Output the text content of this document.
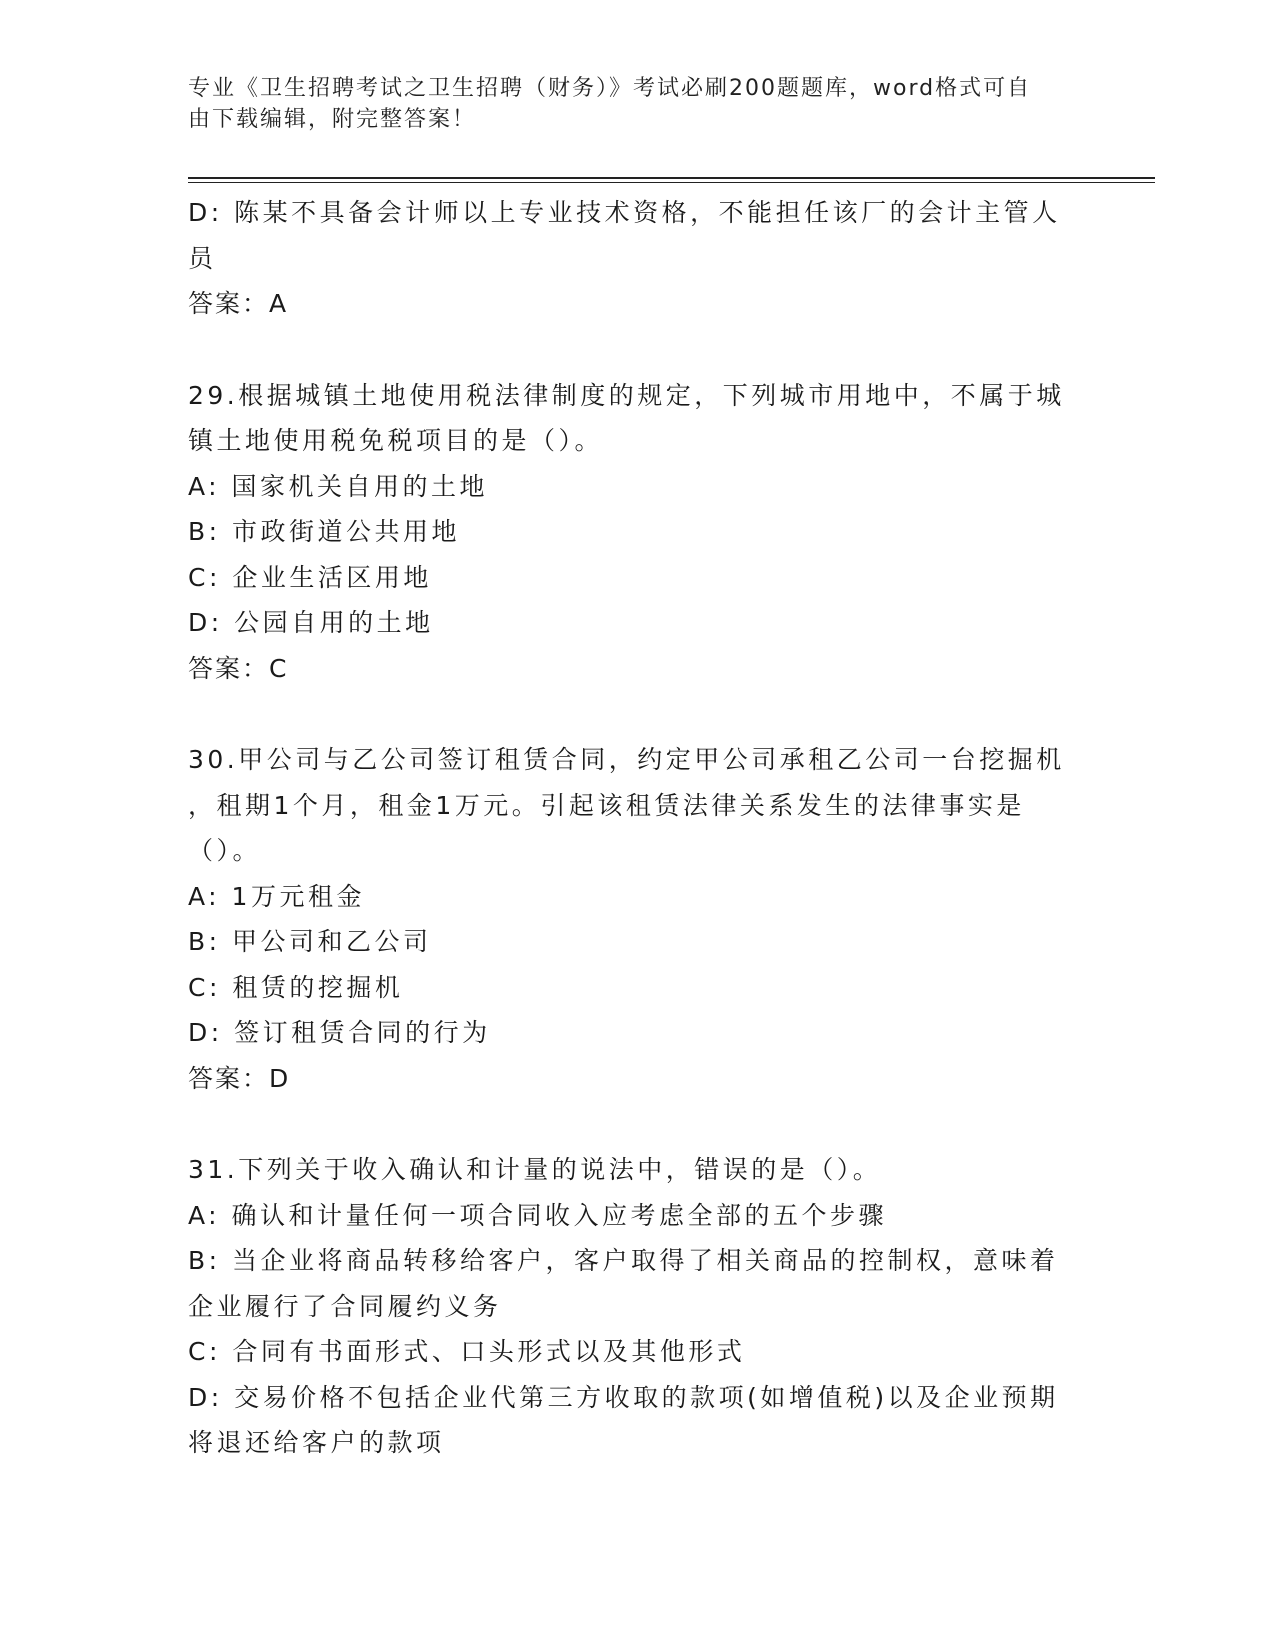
专业《卫生招聘考试之卫生招聘（财务）》考试必刷200题题库，word格式可自
由下载编辑，附完整答案！
D: 陈某不具备会计师以上专业技术资格，不能担任该厂的会计主管人
员
答案：A
29.根据城镇土地使用税法律制度的规定，下列城市用地中，不属于城
镇土地使用税免税项目的是（）。
A: 国家机关自用的土地
B: 市政街道公共用地
C: 企业生活区用地
D: 公园自用的土地
答案：C
30.甲公司与乙公司签订租赁合同，约定甲公司承租乙公司一台挖掘机
，租期1个月，租金1万元。引起该租赁法律关系发生的法律事实是
（）。
A: 1万元租金
B: 甲公司和乙公司
C: 租赁的挖掘机
D: 签订租赁合同的行为
答案：D
31.下列关于收入确认和计量的说法中，错误的是（）。
A: 确认和计量任何一项合同收入应考虑全部的五个步骤
B: 当企业将商品转移给客户，客户取得了相关商品的控制权，意味着
企业履行了合同履约义务
C: 合同有书面形式、口头形式以及其他形式
D: 交易价格不包括企业代第三方收取的款项(如增值税)以及企业预期
将退还给客户的款项
